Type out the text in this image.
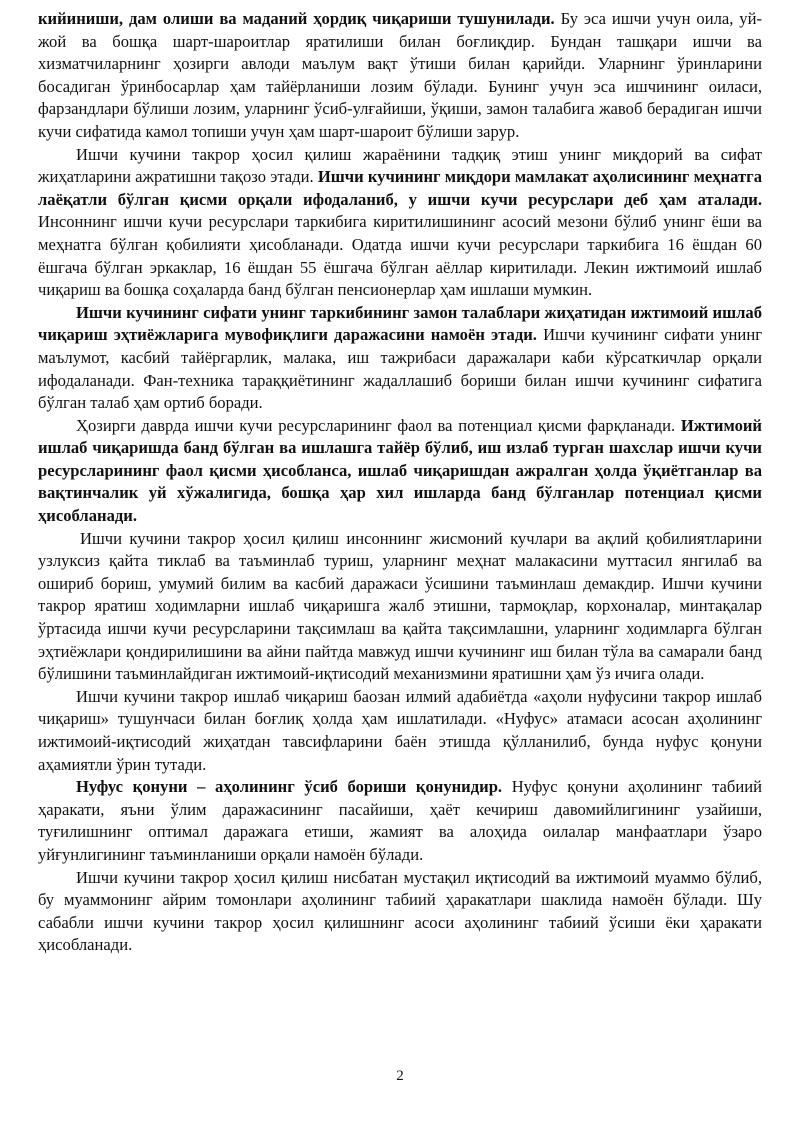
кийиниши, дам олиши ва маданий ҳордиқ чиқариши тушунилади. Бу эса ишчи учун оила, уй-жой ва бошқа шарт-шароитлар яратилиши билан боғлиқдир. Бундан ташқари ишчи ва хизматчиларнинг ҳозирги авлоди маълум вақт ўтиши билан қарийди. Уларнинг ўринларини босадиган ўринбосарлар ҳам тайёрланиши лозим бўлади. Бунинг учун эса ишчининг оиласи, фарзандлари бўлиши лозим, уларнинг ўсиб-улғайиши, ўқиши, замон талабига жавоб берадиган ишчи кучи сифатида камол топиши учун ҳам шарт-шароит бўлиши зарур.

Ишчи кучини такрор ҳосил қилиш жараёнини тадқиқ этиш унинг миқдорий ва сифат жиҳатларини ажратишни тақозо этади. Ишчи кучининг миқдори мамлакат аҳолисининг меҳнатга лаёқатли бўлган қисми орқали ифодаланиб, у ишчи кучи ресурслари деб ҳам аталади. Инсоннинг ишчи кучи ресурслари таркибига киритилишининг асосий мезони бўлиб унинг ёши ва меҳнатга бўлган қобилияти ҳисобланади. Одатда ишчи кучи ресурслари таркибига 16 ёшдан 60 ёшгача бўлган эркаклар, 16 ёшдан 55 ёшгача бўлган аёллар киритилади. Лекин ижтимоий ишлаб чиқариш ва бошқа соҳаларда банд бўлган пенсионерлар ҳам ишлаши мумкин.

Ишчи кучининг сифати унинг таркибининг замон талаблари жиҳатидан ижтимоий ишлаб чиқариш эҳтиёжларига мувофиқлиги даражасини намоён этади. Ишчи кучининг сифати унинг маълумот, касбий тайёргарлик, малака, иш тажрибаси даражалари каби кўрсаткичлар орқали ифодаланади. Фан-техника тараққиётининг жадаллашиб бориши билан ишчи кучининг сифатига бўлган талаб ҳам ортиб боради.

Ҳозирги даврда ишчи кучи ресурсларининг фаол ва потенциал қисми фарқланади. Ижтимоий ишлаб чиқаришда банд бўлган ва ишлашга тайёр бўлиб, иш излаб турган шахслар ишчи кучи ресурсларининг фаол қисми ҳисобланса, ишлаб чиқаришдан ажралган ҳолда ўқиётганлар ва вақтинчалик уй хўжалигида, бошқа ҳар хил ишларда банд бўлганлар потенциал қисми ҳисобланади.

Ишчи кучини такрор ҳосил қилиш инсоннинг жисмоний кучлари ва ақлий қобилиятларини узлуксиз қайта тиклаб ва таъминлаб туриш, уларнинг меҳнат малакасини муттасил янгилаб ва ошириб бориш, умумий билим ва касбий даражаси ўсишини таъминлаш демакдир. Ишчи кучини такрор яратиш ходимларни ишлаб чиқаришга жалб этишни, тармоқлар, корхоналар, минтақалар ўртасида ишчи кучи ресурсларини тақсимлаш ва қайта тақсимлашни, уларнинг ходимларга бўлган эҳтиёжлари қондирилишини ва айни пайтда мавжуд ишчи кучининг иш билан тўла ва самарали банд бўлишини таъминлайдиган ижтимоий-иқтисодий механизмини яратишни ҳам ўз ичига олади.

Ишчи кучини такрор ишлаб чиқариш баозан илмий адабиётда «аҳоли нуфусини такрор ишлаб чиқариш» тушунчаси билан боғлиқ ҳолда ҳам ишлатилади. «Нуфус» атамаси асосан аҳолининг ижтимоий-иқтисодий жиҳатдан тавсифларини баён этишда қўлланилиб, бунда нуфус қонуни аҳамиятли ўрин тутади.

Нуфус қонуни – аҳолининг ўсиб бориши қонунидир. Нуфус қонуни аҳолининг табиий ҳаракати, яъни ўлим даражасининг пасайиши, ҳаёт кечириш давомийлигининг узайиши, туғилишнинг оптимал даражага етиши, жамият ва алоҳида оилалар манфаатлари ўзаро уйғунлигининг таъминланиши орқали намоён бўлади.

Ишчи кучини такрор ҳосил қилиш нисбатан мустақил иқтисодий ва ижтимоий муаммо бўлиб, бу муаммонинг айрим томонлари аҳолининг табиий ҳаракатлари шаклида намоён бўлади. Шу сабабли ишчи кучини такрор ҳосил қилишнинг асоси аҳолининг табиий ўсиши ёки ҳаракати ҳисобланади.

2
